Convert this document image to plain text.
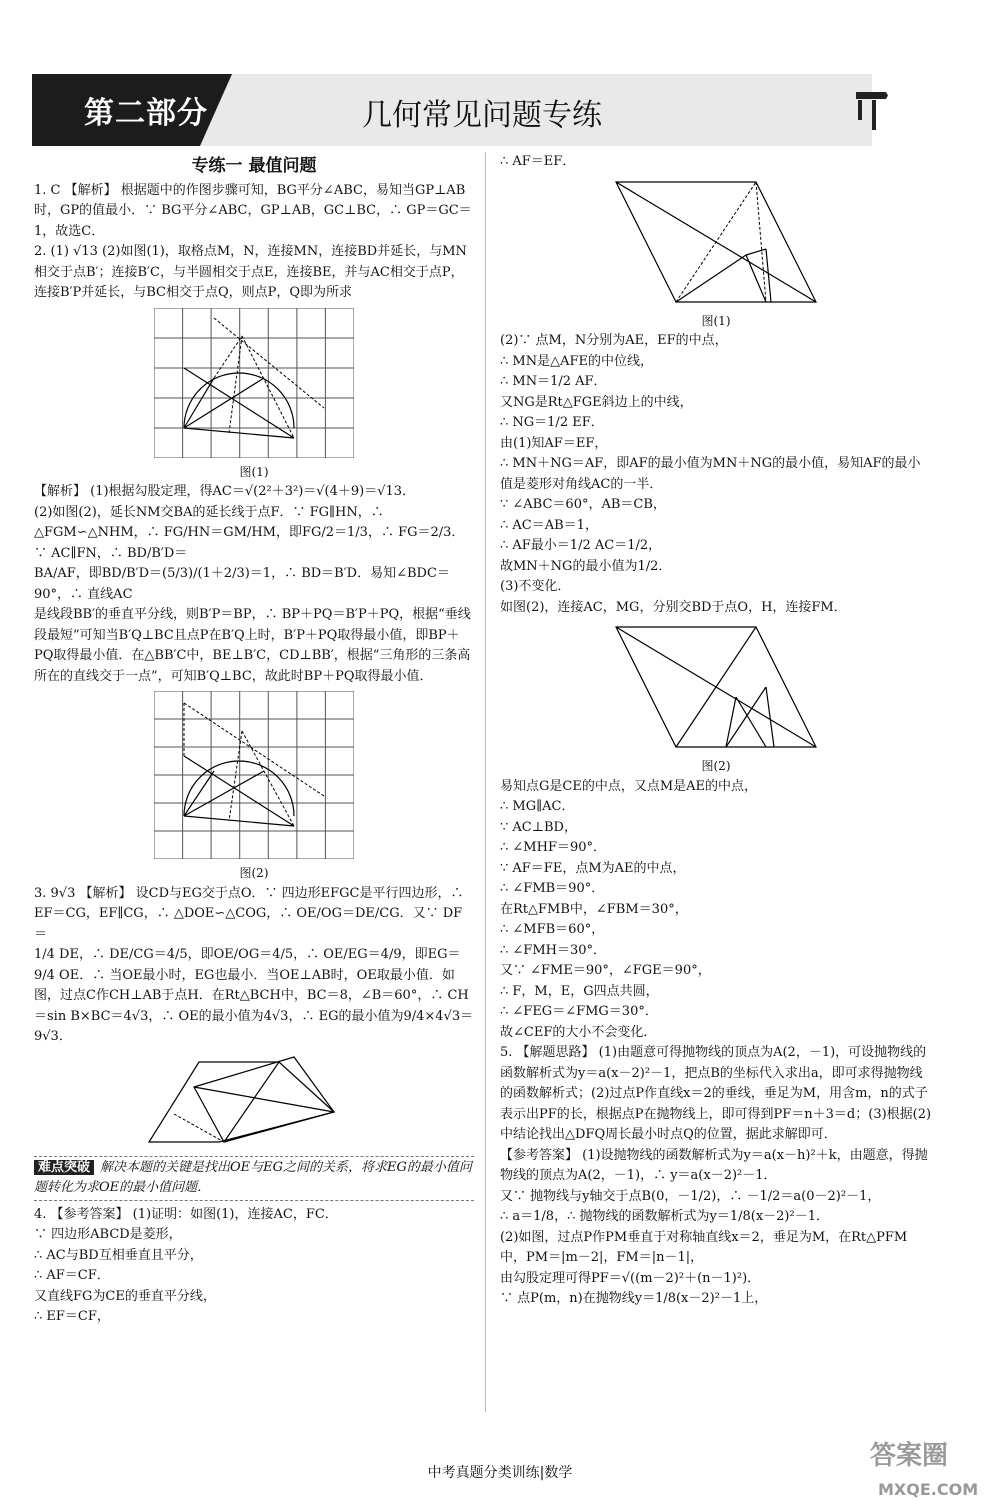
第二部分	几何常见问题专练
专练一 最值问题

1. C 【解析】 根据题中的作图步骤可知，BG平分∠ABC，易知当GP⊥AB时，GP的值最小．∵ BG平分∠ABC，GP⊥AB，GC⊥BC，∴ GP＝GC＝1，故选C．

2. (1) √13 (2)如图(1)，取格点M，N，连接MN，连接BD并延长，与MN相交于点B′；连接B′C，与半圆相交于点E，连接BE，并与AC相交于点P，连接B′P并延长，与BC相交于点Q，则点P，Q即为所求

图(1)

【解析】 (1)根据勾股定理，得AC＝√(2²＋3²)＝√(4＋9)＝√13．

(2)如图(2)，延长NM交BA的延长线于点F．∵ FG∥HN，∴ △FGM∽△NHM，∴ FG/HN＝GM/HM，即FG/2＝1/3，∴ FG＝2/3．∵ AC∥FN，∴ BD/B′D＝

BA/AF，即BD/B′D＝(5/3)/(1＋2/3)＝1，∴ BD＝B′D．易知∠BDC＝90°，∴ 直线AC

是线段BB′的垂直平分线，则B′P＝BP，∴ BP＋PQ＝B′P＋PQ，根据“垂线段最短”可知当B′Q⊥BC且点P在B′Q上时，B′P＋PQ取得最小值，即BP＋PQ取得最小值．在△BB′C中，BE⊥B′C，CD⊥BB′，根据“三角形的三条高所在的直线交于一点”，可知B′Q⊥BC，故此时BP＋PQ取得最小值．

图(2)

3. 9√3 【解析】 设CD与EG交于点O．∵ 四边形EFGC是平行四边形，∴ EF＝CG，EF∥CG，∴ △DOE∽△COG，∴ OE/OG＝DE/CG．又∵ DF＝

1/4 DE，∴ DE/CG＝4/5，即OE/OG＝4/5，∴ OE/EG＝4/9，即EG＝9/4 OE．∴ 当OE最小时，EG也最小．当OE⊥AB时，OE取最小值．如图，过点C作CH⊥AB于点H．在Rt△BCH中，BC＝8，∠B＝60°，∴ CH＝sin B×BC＝4√3，∴ OE的最小值为4√3，∴ EG的最小值为9/4×4√3＝9√3．

难点突破 解决本题的关键是找出OE与EG之间的关系，将求EG的最小值问题转化为求OE的最小值问题．

4. 【参考答案】 (1)证明：如图(1)，连接AC，FC．

∵ 四边形ABCD是菱形，

∴ AC与BD互相垂直且平分，

∴ AF＝CF．

又直线FG为CE的垂直平分线，

∴ EF＝CF，

∴ AF＝EF．

图(1)

(2)∵ 点M，N分别为AE，EF的中点，

∴ MN是△AFE的中位线，

∴ MN＝1/2 AF．

又NG是Rt△FGE斜边上的中线，

∴ NG＝1/2 EF．

由(1)知AF＝EF，

∴ MN＋NG＝AF，即AF的最小值为MN＋NG的最小值，易知AF的最小值是菱形对角线AC的一半．

∵ ∠ABC＝60°，AB＝CB，

∴ AC＝AB＝1，

∴ AF最小＝1/2 AC＝1/2，

故MN＋NG的最小值为1/2．

(3)不变化．

如图(2)，连接AC，MG，分别交BD于点O，H，连接FM．

图(2)

易知点G是CE的中点，又点M是AE的中点，

∴ MG∥AC．

∵ AC⊥BD，

∴ ∠MHF＝90°．

∵ AF＝FE，点M为AE的中点，

∴ ∠FMB＝90°．

在Rt△FMB中，∠FBM＝30°，

∴ ∠MFB＝60°，

∴ ∠FMH＝30°．

又∵ ∠FME＝90°，∠FGE＝90°，

∴ F，M，E，G四点共圆，

∴ ∠FEG＝∠FMG＝30°．

故∠CEF的大小不会变化．

5. 【解题思路】 (1)由题意可得抛物线的顶点为A(2，－1)，可设抛物线的函数解析式为y＝a(x－2)²－1，把点B的坐标代入求出a，即可求得抛物线的函数解析式；(2)过点P作直线x＝2的垂线，垂足为M，用含m，n的式子表示出PF的长，根据点P在抛物线上，即可得到PF＝n＋3＝d；(3)根据(2)中结论找出△DFQ周长最小时点Q的位置，据此求解即可．

【参考答案】 (1)设抛物线的函数解析式为y＝a(x－h)²＋k，由题意，得抛物线的顶点为A(2，－1)，∴ y＝a(x－2)²－1．

又∵ 抛物线与y轴交于点B(0，－1/2)，∴ －1/2＝a(0－2)²－1，

∴ a＝1/8，∴ 抛物线的函数解析式为y＝1/8(x－2)²－1．

(2)如图，过点P作PM垂直于对称轴直线x＝2，垂足为M，在Rt△PFM中，PM＝|m－2|，FM＝|n－1|，

由勾股定理可得PF＝√((m－2)²＋(n－1)²)．

∵ 点P(m，n)在抛物线y＝1/8(x－2)²－1上，

中考真题分类训练|数学
答案圈
MXQE.COM
